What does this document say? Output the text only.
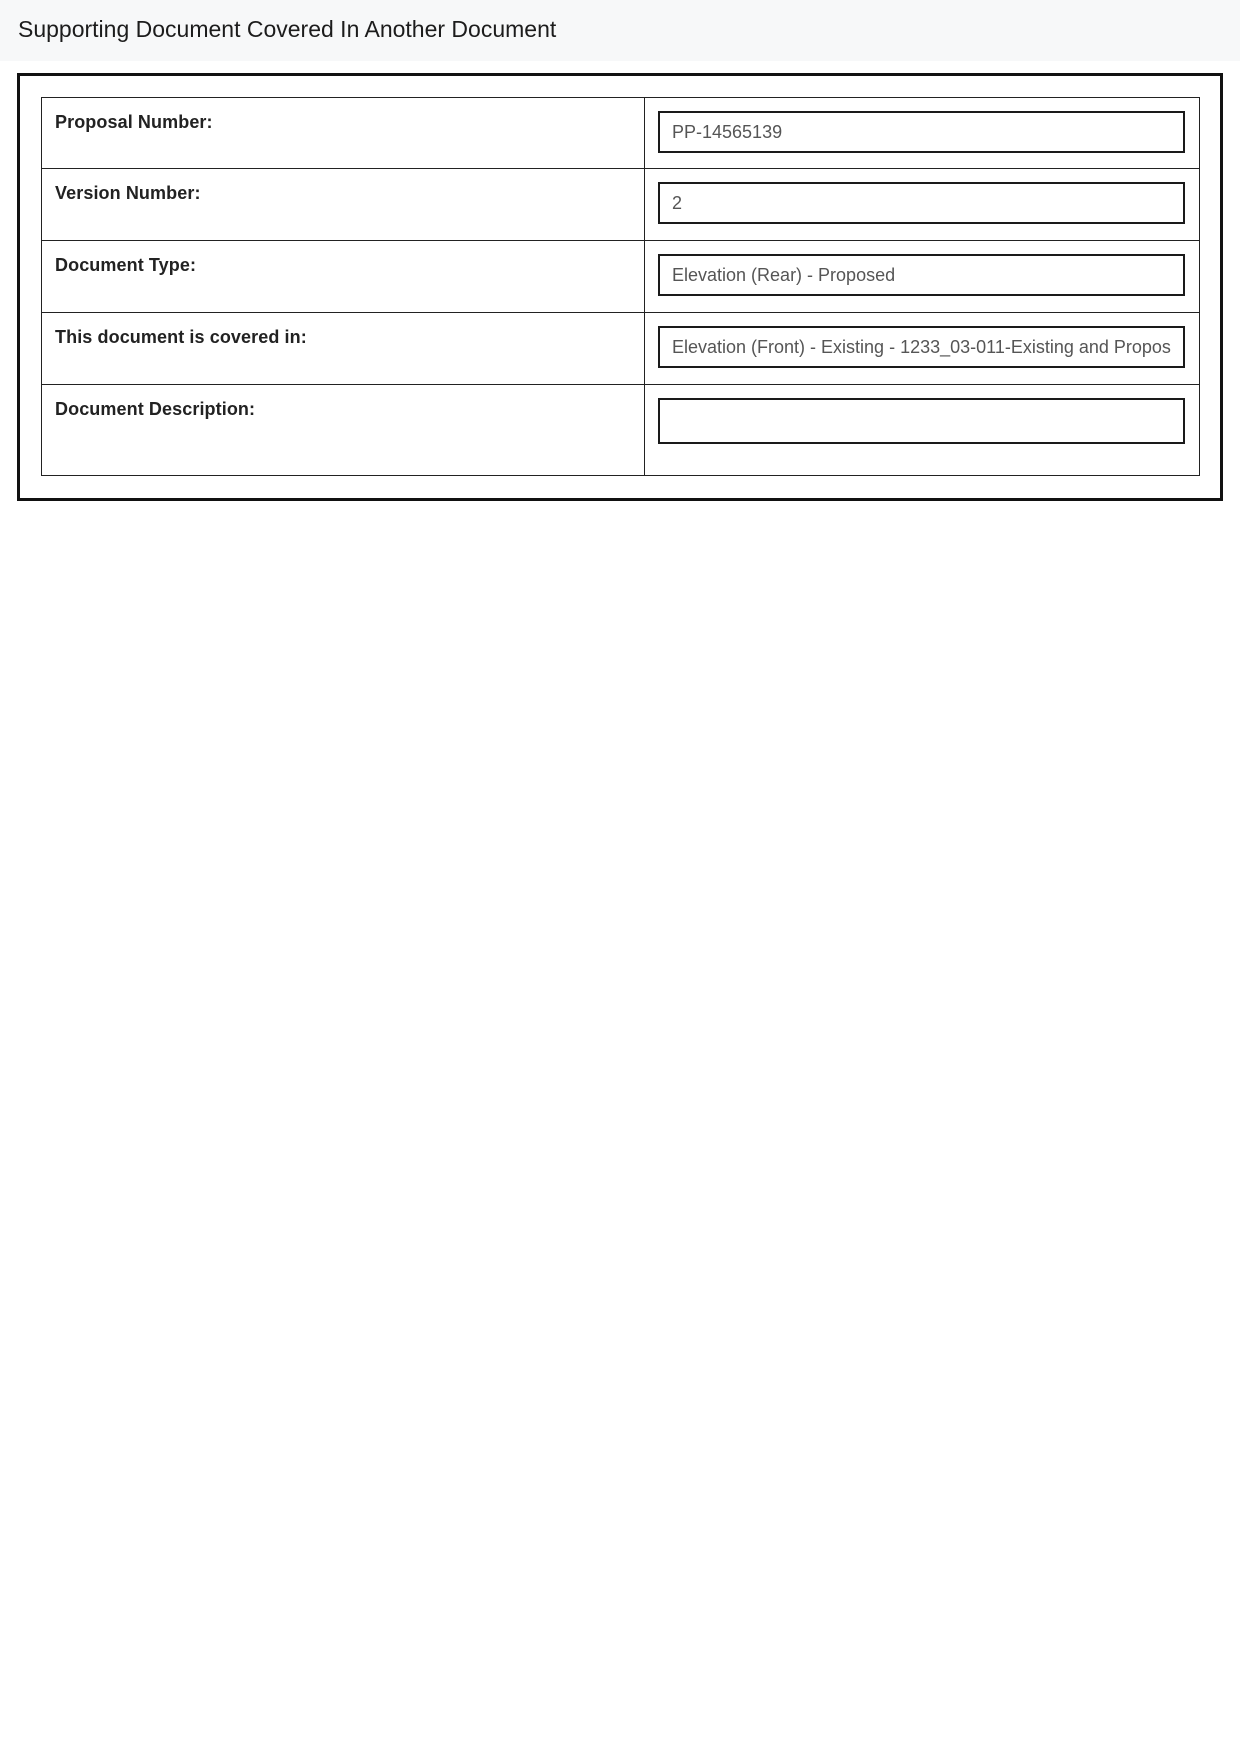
Supporting Document Covered In Another Document
Proposal Number:	
PP-14565139
Version Number:	
2
Document Type:	
Elevation (Rear) - Proposed
This document is covered in:	
Elevation (Front) - Existing - 1233_03-011-Existing and Proposed
Document Description:	
